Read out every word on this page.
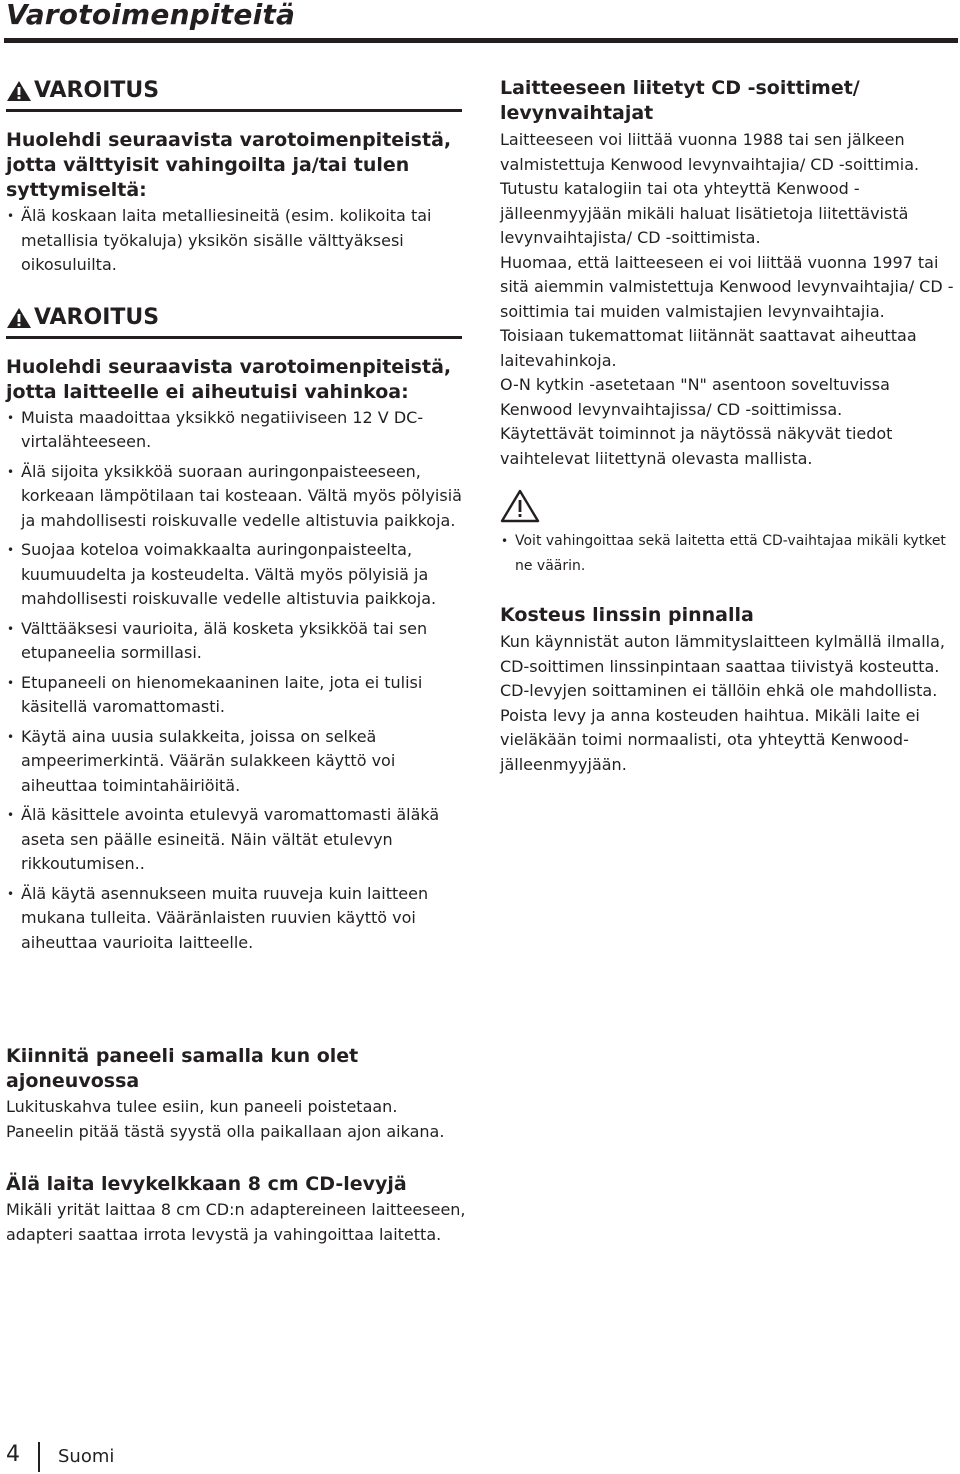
Varotoimenpiteitä
VAROITUS
Huolehdi seuraavista varotoimenpiteistä, jotta välttyisit vahingoilta ja/tai tulen syttymiseltä:
• Älä koskaan laita metalliesineitä (esim. kolikoita tai metallisia työkaluja) yksikön sisälle välttyäksesi oikosuluilta.
VAROITUS
Huolehdi seuraavista varotoimenpiteistä, jotta laitteelle ei aiheutuisi vahinkoa:
• Muista maadoittaa yksikkö negatiiviseen 12 V DC-virtalähteeseen.
• Älä sijoita yksikköä suoraan auringonpaisteeseen, korkeaan lämpötilaan tai kosteaan. Vältä myös pölyisiä ja mahdollisesti roiskuvalle vedelle altistuvia paikkoja.
• Suojaa koteloa voimakkaalta auringonpaisteelta, kuumuudelta ja kosteudelta. Vältä myös pölyisiä ja mahdollisesti roiskuvalle vedelle altistuvia paikkoja.
• Välttääksesi vaurioita, älä kosketa yksikköä tai sen etupaneelia sormillasi.
• Etupaneeli on hienomekaaninen laite, jota ei tulisi käsitellä varomattomasti.
• Käytä aina uusia sulakkeita, joissa on selkeä ampeerimerkintä. Väärän sulakkeen käyttö voi aiheuttaa toimintahäiriöitä.
• Älä käsittele avointa etulevyä varomattomasti äläkä aseta sen päälle esineitä. Näin vältät etulevyn rikkoutumisen..
• Älä käytä asennukseen muita ruuveja kuin laitteen mukana tulleita. Vääränlaisten ruuvien käyttö voi aiheuttaa vaurioita laitteelle.
Kiinnitä paneeli samalla kun olet ajoneuvossa
Lukituskahva tulee esiin, kun paneeli poistetaan. Paneelin pitää tästä syystä olla paikallaan ajon aikana.
Älä laita levykelkkaan 8 cm CD-levyjä
Mikäli yrität laittaa 8 cm CD:n adaptereineen laitteeseen, adapteri saattaa irrota levystä ja vahingoittaa laitetta.
Laitteeseen liitetyt CD -soittimet/ levynvaihtajat

Laitteeseen voi liittää vuonna 1988 tai sen jälkeen valmistettuja Kenwood levynvaihtajia/ CD -soittimia.

Tutustu katalogiin tai ota yhteyttä Kenwood -jälleenmyyjään mikäli haluat lisätietoja liitettävistä levynvaihtajista/ CD -soittimista.

Huomaa, että laitteeseen ei voi liittää vuonna 1997 tai sitä aiemmin valmistettuja Kenwood levynvaihtajia/ CD -soittimia tai muiden valmistajien levynvaihtajia.

Toisiaan tukemattomat liitännät saattavat aiheuttaa laitevahinkoja.

O-N kytkin -asetetaan "N" asentoon soveltuvissa Kenwood levynvaihtajissa/ CD -soittimissa.

Käytettävät toiminnot ja näytössä näkyvät tiedot vaihtelevat liitettynä olevasta mallista.

• Voit vahingoittaa sekä laitetta että CD-vaihtajaa mikäli kytket ne väärin.
Kosteus linssin pinnalla

Kun käynnistät auton lämmityslaitteen kylmällä ilmalla, CD-soittimen linssinpintaan saattaa tiivistyä kosteutta. CD-levyjen soittaminen ei tällöin ehkä ole mahdollista. Poista levy ja anna kosteuden haihtua. Mikäli laite ei vieläkään toimi normaalisti, ota yhteyttä Kenwood-jälleenmyyjään.

4 Suomi
